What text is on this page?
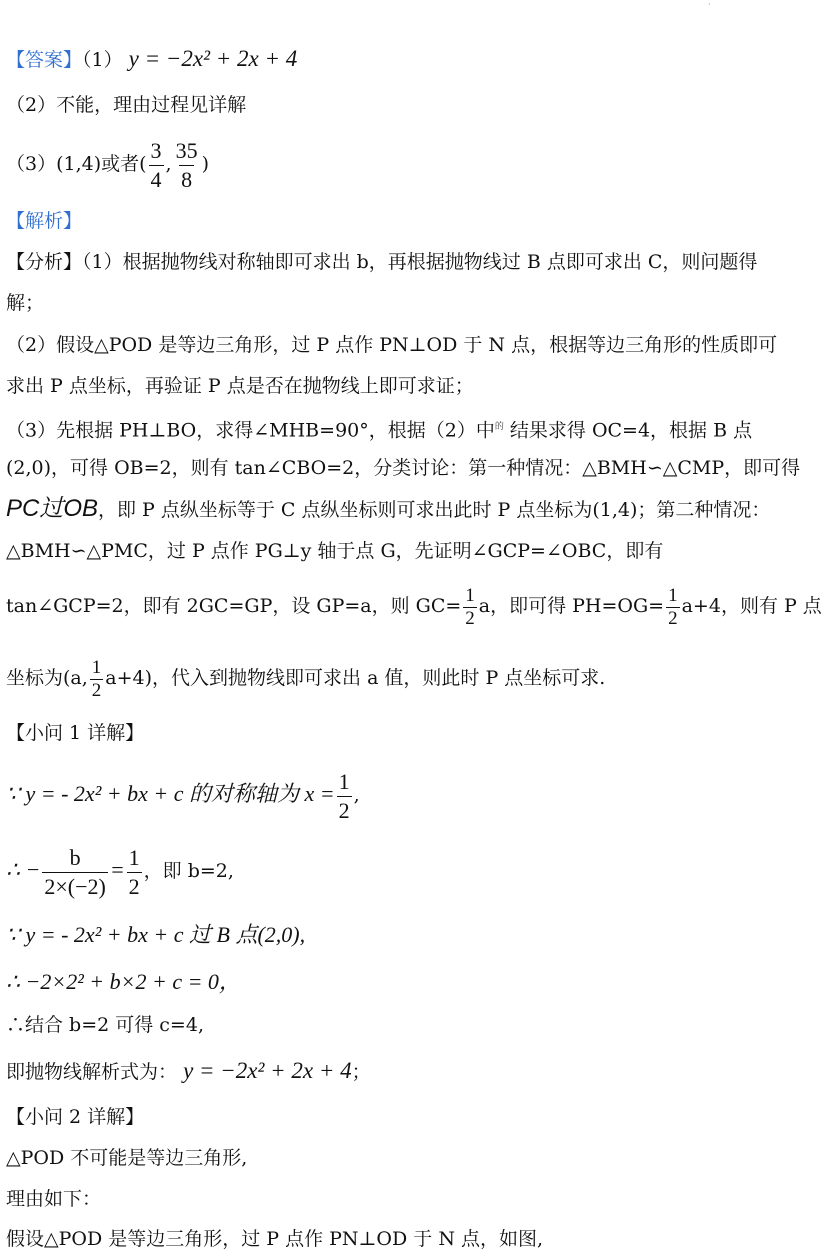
·
【答案】（1） y = −2x² + 2x + 4
（2）不能，理由过程见详解
（3）(1,4)或者( $\frac{3}{4}$ , $\frac{35}{8}$ )
【解析】
【分析】（1）根据抛物线对称轴即可求出 b，再根据抛物线过 B 点即可求出 C，则问题得
解；
（2）假设△POD 是等边三角形，过 P 点作 PN⊥OD 于 N 点，根据等边三角形的性质即可
求出 P 点坐标，再验证 P 点是否在抛物线上即可求证；
（3）先根据 PH⊥BO，求得∠MHB=90°，根据（2）中$^的$ 结果求得 OC=4，根据 B 点
(2,0)，可得 OB=2，则有 tan∠CBO=2，分类讨论：第一种情况：△BMH∽△CMP，即可得
PC过OB，即 P 点纵坐标等于 C 点纵坐标则可求出此时 P 点坐标为(1,4)；第二种情况：
△BMH∽△PMC，过 P 点作 PG⊥y 轴于点 G，先证明∠GCP=∠OBC，即有
tan∠GCP=2，即有 2GC=GP，设 GP=a，则 $GC= \frac{1}{2}$ a，即可得 $PH=OG= \frac{1}{2} a+4$，则有 P 点
坐标为(a, $\frac{1}{2} a+4$)，代入到抛物线即可求出 a 值，则此时 P 点坐标可求.
【小问 1 详解】
∵ y = - 2x² + bx + c 的对称轴为 $x = \frac{1}{2}$ ,
∴ − $\frac{b}{2\times(-2)} = \frac{1}{2}$ ，即 b=2,
∵ y = - 2x² + bx + c 过 B 点(2,0),
∴ −2×2² + b×2 + c = 0，
∴结合 b=2 可得 c=4,
即抛物线解析式为： y = −2x² + 2x + 4；
【小问 2 详解】
△POD 不可能是等边三角形,
理由如下：
假设△POD 是等边三角形，过 P 点作 PN⊥OD 于 N 点，如图,
